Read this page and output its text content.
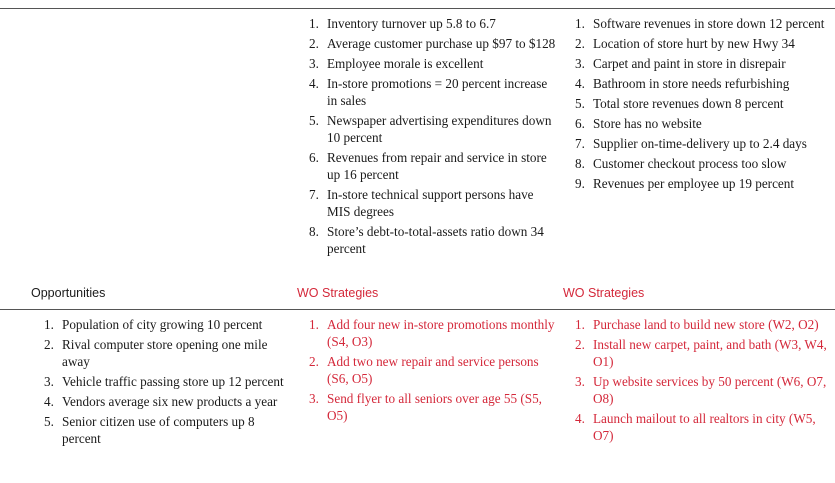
1. Inventory turnover up 5.8 to 6.7
2. Average customer purchase up $97 to $128
3. Employee morale is excellent
4. In-store promotions = 20 percent increase in sales
5. Newspaper advertising expenditures down 10 percent
6. Revenues from repair and service in store up 16 percent
7. In-store technical support persons have MIS degrees
8. Store’s debt-to-total-assets ratio down 34 percent
1. Software revenues in store down 12 percent
2. Location of store hurt by new Hwy 34
3. Carpet and paint in store in disrepair
4. Bathroom in store needs refurbishing
5. Total store revenues down 8 percent
6. Store has no website
7. Supplier on-time-delivery up to 2.4 days
8. Customer checkout process too slow
9. Revenues per employee up 19 percent
Opportunities	WO Strategies	WO Strategies
1. Population of city growing 10 percent
2. Rival computer store opening one mile away
3. Vehicle traffic passing store up 12 percent
4. Vendors average six new products a year
5. Senior citizen use of computers up 8 percent
1. Add four new in-store promotions monthly (S4, O3)
2. Add two new repair and service persons (S6, O5)
3. Send flyer to all seniors over age 55 (S5, O5)
1. Purchase land to build new store (W2, O2)
2. Install new carpet, paint, and bath (W3, W4, O1)
3. Up website services by 50 percent (W6, O7, O8)
4. Launch mailout to all realtors in city (W5, O7)
